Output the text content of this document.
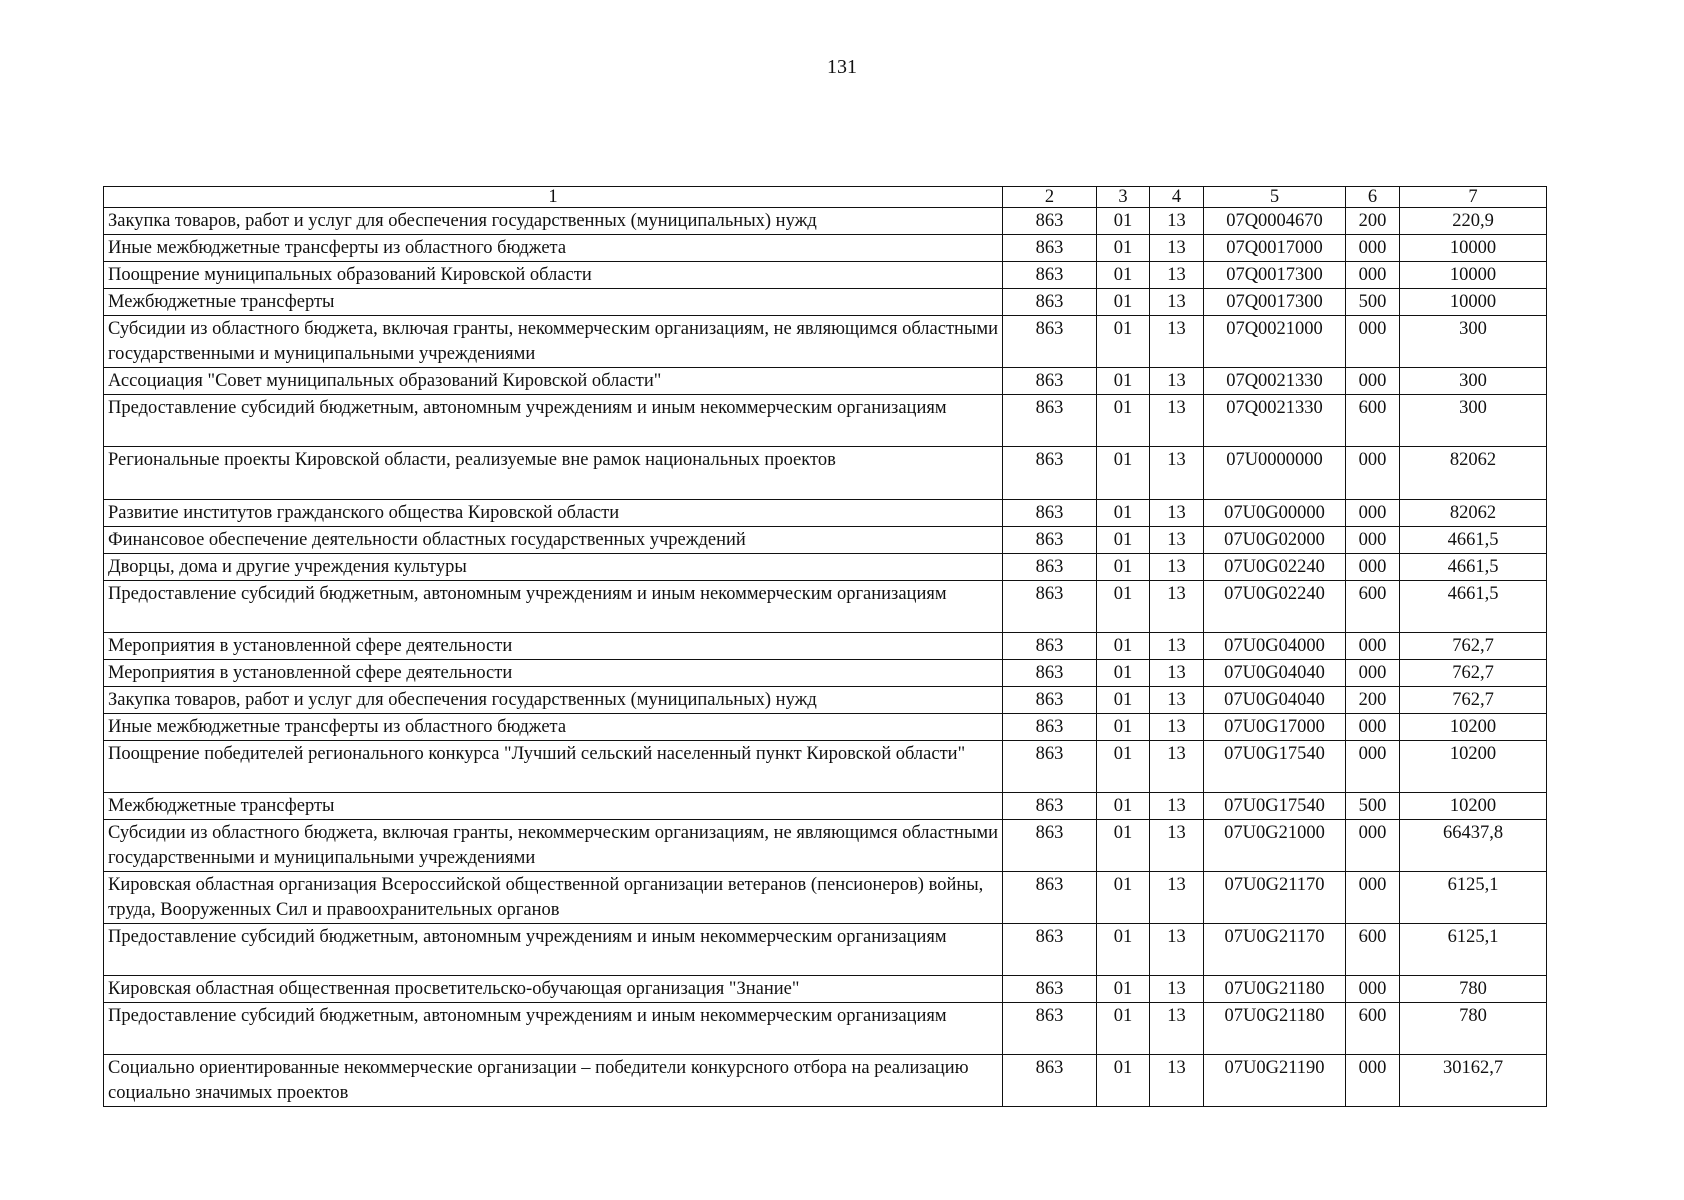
131
1	2	3	4	5	6	7
Закупка товаров, работ и услуг для обеспечения государственных (муниципальных) нужд	863	01	13	07Q0004670	200	220,9
Иные межбюджетные трансферты из областного бюджета	863	01	13	07Q0017000	000	10000
Поощрение муниципальных образований Кировской области	863	01	13	07Q0017300	000	10000
Межбюджетные трансферты	863	01	13	07Q0017300	500	10000
Субсидии из областного бюджета, включая гранты, некоммерческим организациям, не являющимся областными государственными и муниципальными учреждениями	863	01	13	07Q0021000	000	300
Ассоциация "Совет муниципальных образований Кировской области"	863	01	13	07Q0021330	000	300
Предоставление субсидий бюджетным, автономным учреждениям и иным некоммерческим организациям	863	01	13	07Q0021330	600	300
Региональные проекты Кировской области, реализуемые вне рамок национальных проектов	863	01	13	07U0000000	000	82062
Развитие институтов гражданского общества Кировской области	863	01	13	07U0G00000	000	82062
Финансовое обеспечение деятельности областных государственных учреждений	863	01	13	07U0G02000	000	4661,5
Дворцы, дома и другие учреждения культуры	863	01	13	07U0G02240	000	4661,5
Предоставление субсидий бюджетным, автономным учреждениям и иным некоммерческим организациям	863	01	13	07U0G02240	600	4661,5
Мероприятия в установленной сфере деятельности	863	01	13	07U0G04000	000	762,7
Мероприятия в установленной сфере деятельности	863	01	13	07U0G04040	000	762,7
Закупка товаров, работ и услуг для обеспечения государственных (муниципальных) нужд	863	01	13	07U0G04040	200	762,7
Иные межбюджетные трансферты из областного бюджета	863	01	13	07U0G17000	000	10200
Поощрение победителей регионального конкурса "Лучший сельский населенный пункт Кировской области"	863	01	13	07U0G17540	000	10200
Межбюджетные трансферты	863	01	13	07U0G17540	500	10200
Субсидии из областного бюджета, включая гранты, некоммерческим организациям, не являющимся областными государственными и муниципальными учреждениями	863	01	13	07U0G21000	000	66437,8
Кировская областная организация Всероссийской общественной организации ветеранов (пенсионеров) войны, труда, Вооруженных Сил и правоохранительных органов	863	01	13	07U0G21170	000	6125,1
Предоставление субсидий бюджетным, автономным учреждениям и иным некоммерческим организациям	863	01	13	07U0G21170	600	6125,1
Кировская областная общественная просветительско-обучающая организация "Знание"	863	01	13	07U0G21180	000	780
Предоставление субсидий бюджетным, автономным учреждениям и иным некоммерческим организациям	863	01	13	07U0G21180	600	780
Социально ориентированные некоммерческие организации – победители конкурсного отбора на реализацию социально значимых проектов	863	01	13	07U0G21190	000	30162,7
